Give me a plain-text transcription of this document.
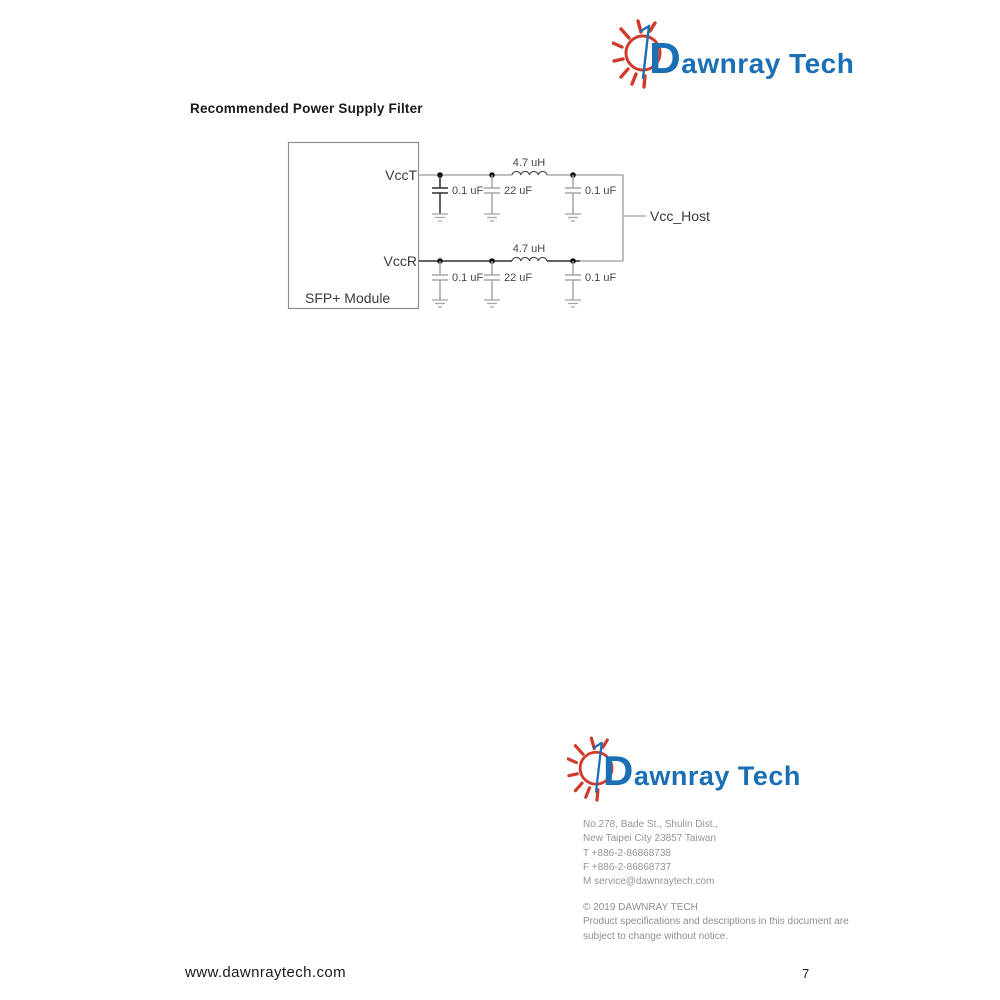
Dawnray Tech
Recommended Power Supply Filter
VccT
VccR
SFP+ Module
4.7 uH
4.7 uH
Vcc_Host
0.1 uF 22 uF	0.1 uF
0.1 uF 22 uF	0.1 uF
Dawnray Tech
No.278, Bade St., Shulin Dist.,
New Taipei City 23857 Taiwan
T +886-2-86868738
F +886-2-86868737
M service@dawnraytech.com
© 2019 DAWNRAY TECH
Product specifications and descriptions in this document are
subject to change without notice.
www.dawnraytech.com	7
